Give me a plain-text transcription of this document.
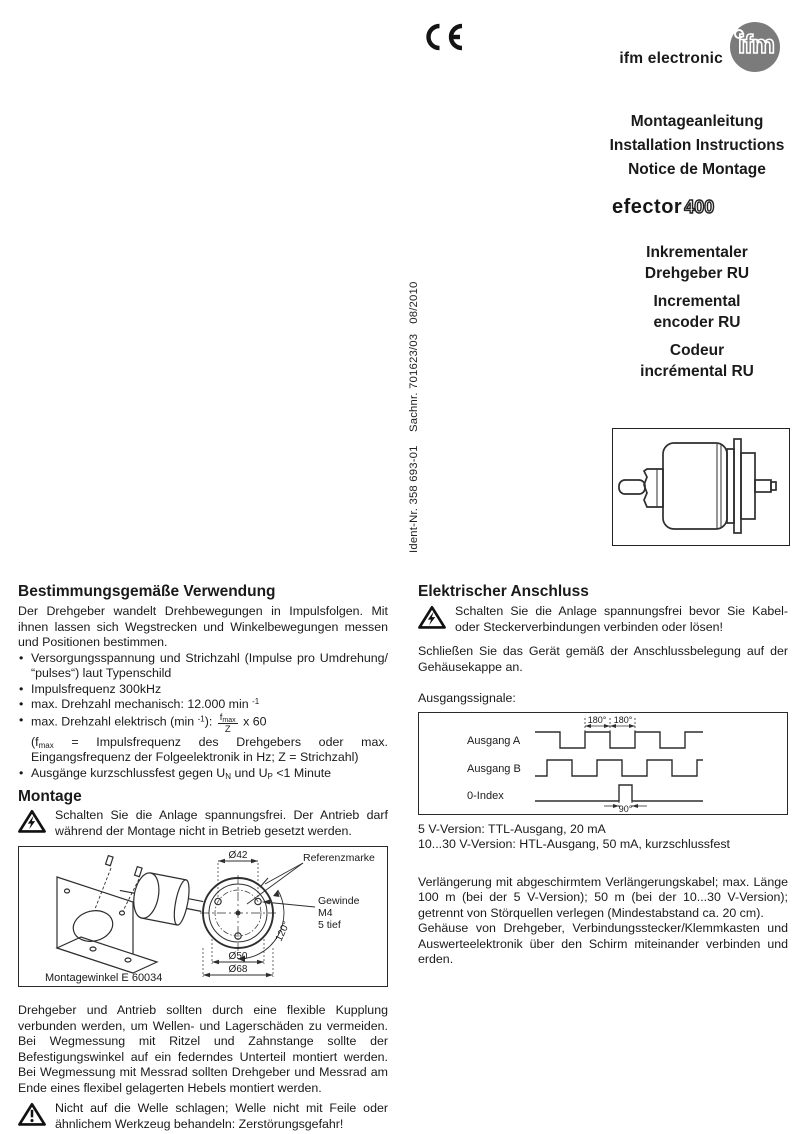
ifm electronic ifm
Montageanleitung
Installation Instructions
Notice de Montage
efector 400
Inkrementaler
Drehgeber RU
Incremental
encoder RU
Codeur
incrémental RU
Ident-Nr. 358 693-01    Sachnr. 701623/03   08/2010
Bestimmungsgemäße Verwendung

Der Drehgeber wandelt Drehbewegungen in Impulsfolgen. Mit ihnen lassen sich Wegstrecken und Winkelbewegungen messen und Positionen bestimmen.

• Versorgungsspannung und Strichzahl (Impulse pro Umdrehung/ “pulses“) laut Typenschild
• Impulsfrequenz 300kHz
• max. Drehzahl mechanisch: 12.000 min $^{-1}$
• max. Drehzahl elektrisch (min $^{-1}$): $\frac{f_{max}}{Z}$ x 60
($f_{max}$ = Impulsfrequenz des Drehgebers oder max. Eingangsfrequenz der Folgeelektronik in Hz; Z = Strichzahl)
• Ausgänge kurzschlussfest gegen $U_N$ und $U_P <1$ Minute
Montage
Schalten Sie die Anlage spannungsfrei. Der Antrieb darf während der Montage nicht in Betrieb gesetzt werden.
Ø42
Ø50
Ø68
Referenzmarke
Gewinde
M4
5 tief
120°
Montagewinkel E 60034

Drehgeber und Antrieb sollten durch eine flexible Kupplung verbunden werden, um Wellen- und Lagerschäden zu vermeiden. Bei Wegmessung mit Ritzel und Zahnstange sollte der Befestigungswinkel auf ein federndes Unterteil montiert werden. Bei Wegmessung mit Messrad sollten Drehgeber und Messrad am Ende eines flexibel gelagerten Hebels montiert werden.

Nicht auf die Welle schlagen; Welle nicht mit Feile oder ähnlichem Werkzeug behandeln: Zerstörungsgefahr!
Elektrischer Anschluss
Schalten Sie die Anlage spannungsfrei bevor Sie Kabel- oder Steckerverbindungen verbinden oder lösen!

Schließen Sie das Gerät gemäß der Anschlussbelegung auf der Gehäusekappe an.

Ausgangssignale:

Ausgang A
Ausgang B
0-Index
180° 180°
90°
5 V-Version: TTL-Ausgang, 20 mA
10...30 V-Version: HTL-Ausgang, 50 mA, kurzschlussfest

Verlängerung mit abgeschirmtem Verlängerungskabel; max. Länge 100 m (bei der 5 V-Version); 50 m (bei der 10...30 V-Version); getrennt von Störquellen verlegen (Mindestabstand ca. 20 cm).

Gehäuse von Drehgeber, Verbindungsstecker/Klemmkasten und Auswerteelektronik über den Schirm miteinander verbinden und erden.
